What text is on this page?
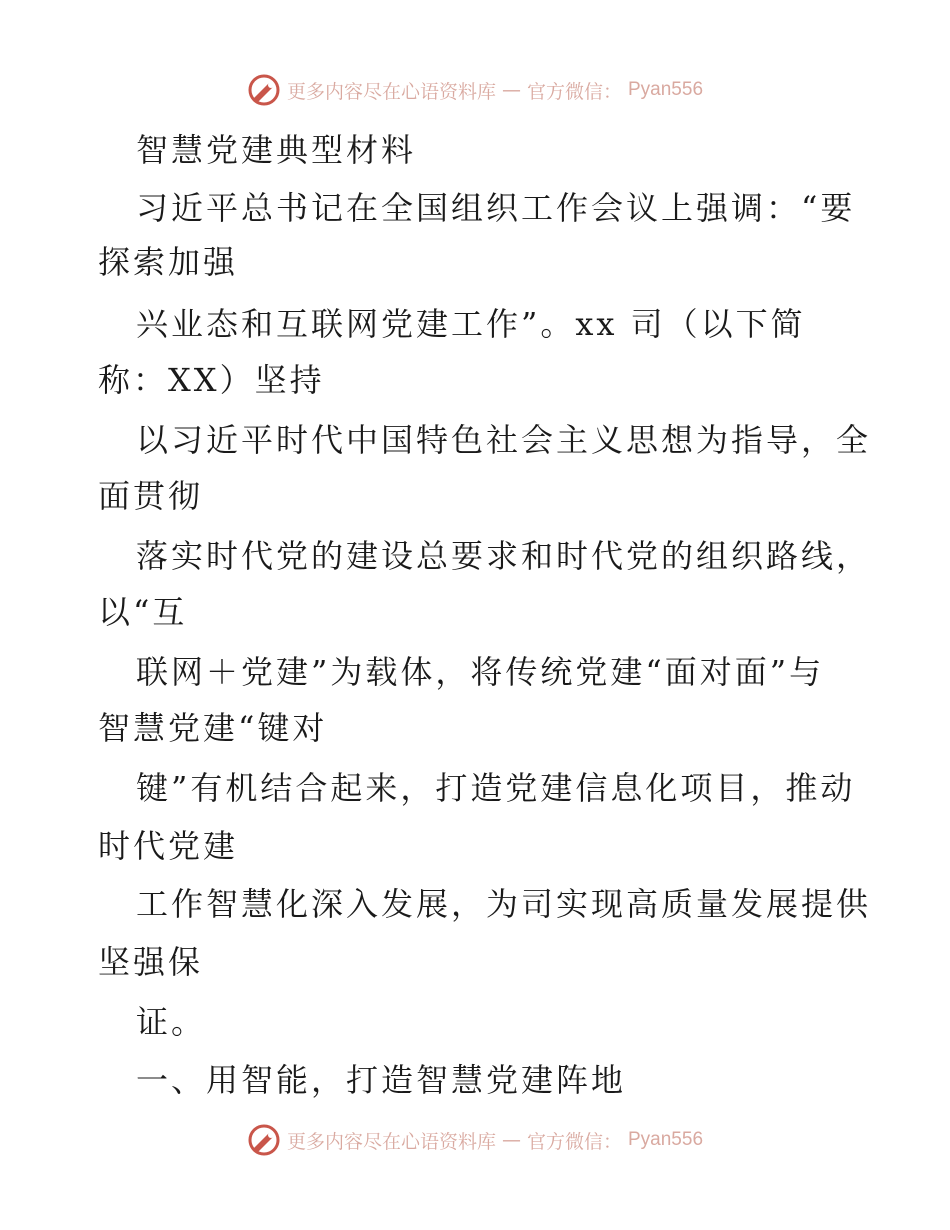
更多内容尽在心语资料库 — 官方微信： Pyan556
智慧党建典型材料
习近平总书记在全国组织工作会议上强调：“要
探索加强
兴业态和互联网党建工作”。xx 司（以下简
称：XX）坚持
以习近平时代中国特色社会主义思想为指导，全
面贯彻
落实时代党的建设总要求和时代党的组织路线，
以“互
联网＋党建”为载体，将传统党建“面对面”与
智慧党建“键对
键”有机结合起来，打造党建信息化项目，推动
时代党建
工作智慧化深入发展，为司实现高质量发展提供
坚强保
证。
一、用智能，打造智慧党建阵地
更多内容尽在心语资料库 — 官方微信： Pyan556
